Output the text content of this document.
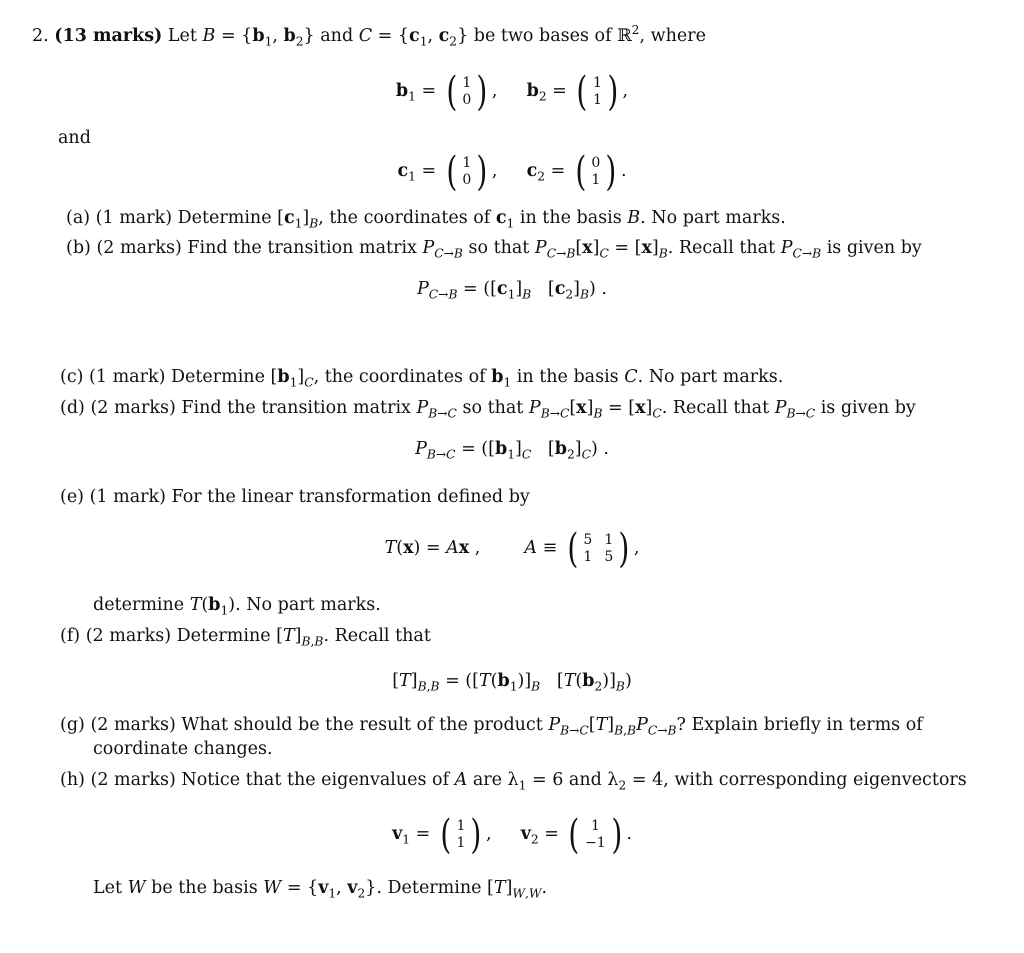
2. (13 marks) Let $B = \{b_1$, $b_2$} and $C = \{c_1$, $c_2$} be two bases of ℝ$^2$, where
$b_1$ = ( 1
0 ) ,  $b_2$ = ( 1
1 ) ,
and
$c_1$ = ( 1
0 ) ,  $c_2$ = ( 0
1 ) .
(a) (1 mark) Determine $[c_1]_B$, the coordinates of $c_1$ in the basis B. No part marks.
(b) (2 marks) Find the transition matrix $P_{C\to B}$ so that $P_{C\to B}[x]_C = [x]_B$. Recall that $P_{C\to B}$ is given by
$P_{C\to B} = ([c_1]_B$   $[c_2]_B$) .
(c) (1 mark) Determine $[b_1]_C$, the coordinates of $b_1$ in the basis C. No part marks.
(d) (2 marks) Find the transition matrix $P_{B\to C}$ so that $P_{B\to C}[x]_B = [x]_C$. Recall that $P_{B\to C}$ is given by
$P_{B\to C} = ([b_1]_C$   $[b_2]_C$) .
(e) (1 mark) For the linear transformation defined by
T(x) = Ax ,	A ≡ ( 5 1
1 5 ) ,
determine $T(b_1)$. No part marks.
(f) (2 marks) Determine $[T]_{B,B}$. Recall that
$[T]_{B,B} = ([T(b_1)]_B$   $[T(b_2)]_B$)
(g) (2 marks) What should be the result of the product $P_{B\to C}[T]_{B,B}P_{C\to B}$? Explain briefly in terms of
coordinate changes.
(h) (2 marks) Notice that the eigenvalues of A are $\lambda_1 = 6$ and $\lambda_2 = 4$, with corresponding eigenvectors
$v_1$ = ( 1
1 ) ,  $v_2$ = ( 1
−1 ) .
Let W be the basis $W = \{v_1$, $v_2$}. Determine $[T]_{W,W}$.
